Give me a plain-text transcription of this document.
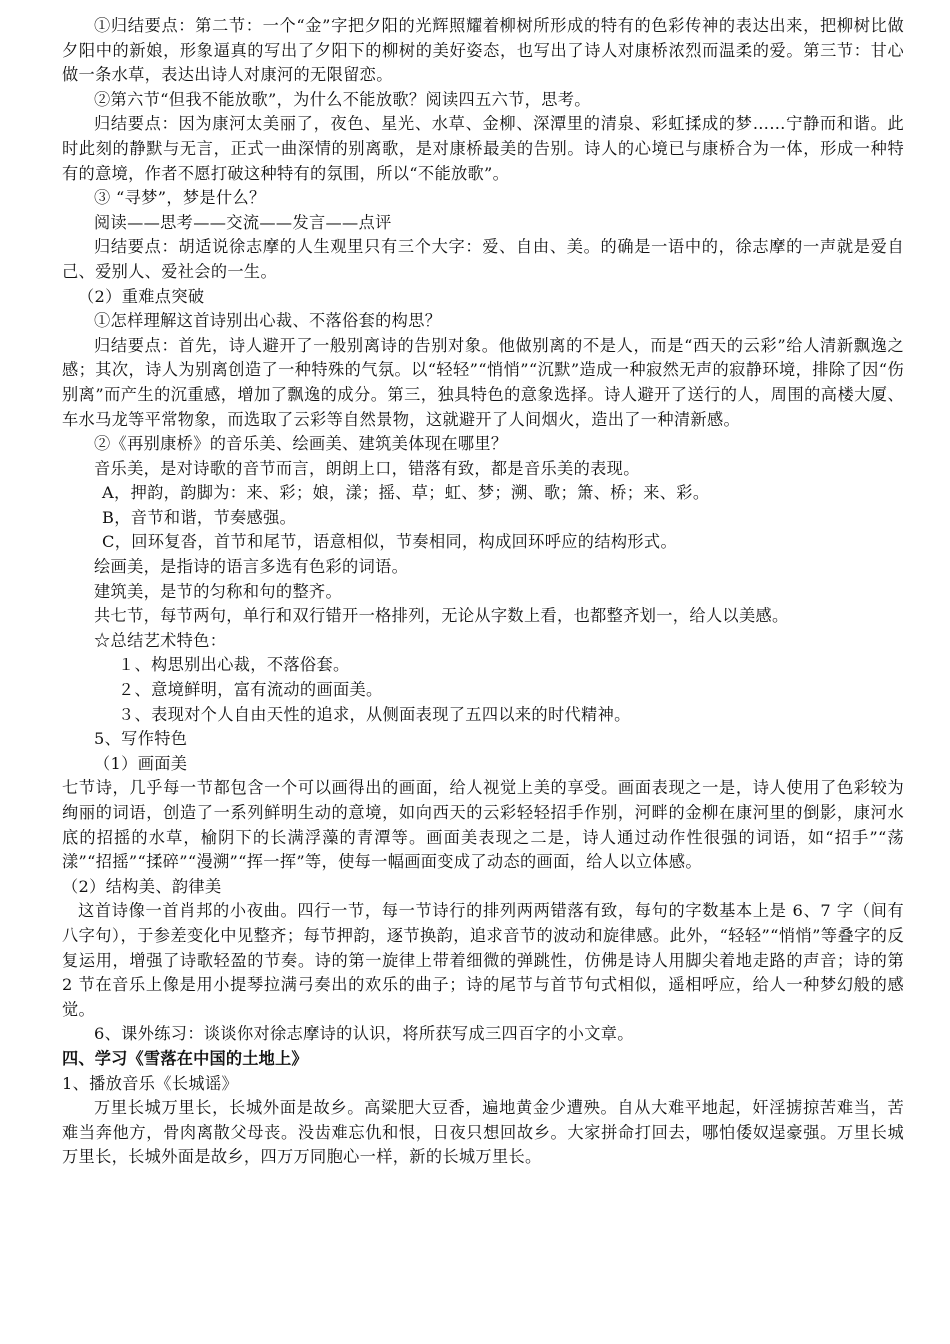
①归结要点：第二节：一个“金”字把夕阳的光辉照耀着柳树所形成的特有的色彩传神的表达出来，把柳树比做夕阳中的新娘，形象逼真的写出了夕阳下的柳树的美好姿态，也写出了诗人对康桥浓烈而温柔的爱。第三节：甘心做一条水草，表达出诗人对康河的无限留恋。

②第六节“但我不能放歌”，为什么不能放歌？阅读四五六节，思考。

归结要点：因为康河太美丽了，夜色、星光、水草、金柳、深潭里的清泉、彩虹揉成的梦……宁静而和谐。此时此刻的静默与无言，正式一曲深情的别离歌，是对康桥最美的告别。诗人的心境已与康桥合为一体，形成一种特有的意境，作者不愿打破这种特有的氛围，所以“不能放歌”。

③ “寻梦”，梦是什么？

阅读——思考——交流——发言——点评

归结要点：胡适说徐志摩的人生观里只有三个大字：爱、自由、美。的确是一语中的，徐志摩的一声就是爱自己、爱别人、爱社会的一生。

（2）重难点突破

①怎样理解这首诗别出心裁、不落俗套的构思？

归结要点：首先，诗人避开了一般别离诗的告别对象。他做别离的不是人，而是“西天的云彩”给人清新飘逸之感；其次，诗人为别离创造了一种特殊的气氛。以“轻轻”“悄悄”“沉默”造成一种寂然无声的寂静环境，排除了因“伤别离”而产生的沉重感，增加了飘逸的成分。第三，独具特色的意象选择。诗人避开了送行的人，周围的高楼大厦、车水马龙等平常物象，而选取了云彩等自然景物，这就避开了人间烟火，造出了一种清新感。

②《再别康桥》的音乐美、绘画美、建筑美体现在哪里？

音乐美，是对诗歌的音节而言，朗朗上口，错落有致，都是音乐美的表现。

A，押韵，韵脚为：来、彩；娘，漾；摇、草；虹、梦；溯、歌；箫、桥；来、彩。

B，音节和谐，节奏感强。

C，回环复沓，首节和尾节，语意相似，节奏相同，构成回环呼应的结构形式。

绘画美，是指诗的语言多选有色彩的词语。

建筑美，是节的匀称和句的整齐。

共七节，每节两句，单行和双行错开一格排列，无论从字数上看，也都整齐划一，给人以美感。

☆总结艺术特色：

１、构思别出心裁，不落俗套。

２、意境鲜明，富有流动的画面美。

３、表现对个人自由天性的追求，从侧面表现了五四以来的时代精神。

5、写作特色

（1）画面美

七节诗，几乎每一节都包含一个可以画得出的画面，给人视觉上美的享受。画面表现之一是，诗人使用了色彩较为绚丽的词语，创造了一系列鲜明生动的意境，如向西天的云彩轻轻招手作别，河畔的金柳在康河里的倒影，康河水底的招摇的水草，榆阴下的长满浮藻的青潭等。画面美表现之二是，诗人通过动作性很强的词语，如“招手”“荡漾”“招摇”“揉碎”“漫溯”“挥一挥”等，使每一幅画面变成了动态的画面，给人以立体感。

（2）结构美、韵律美

这首诗像一首肖邦的小夜曲。四行一节，每一节诗行的排列两两错落有致，每句的字数基本上是 6、7 字（间有八字句），于参差变化中见整齐；每节押韵，逐节换韵，追求音节的波动和旋律感。此外，“轻轻”“悄悄”等叠字的反复运用，增强了诗歌轻盈的节奏。诗的第一旋律上带着细微的弹跳性，仿佛是诗人用脚尖着地走路的声音；诗的第 2 节在音乐上像是用小提琴拉满弓奏出的欢乐的曲子；诗的尾节与首节句式相似，遥相呼应，给人一种梦幻般的感觉。

6、课外练习：谈谈你对徐志摩诗的认识，将所获写成三四百字的小文章。

四、学习《雪落在中国的土地上》

1、播放音乐《长城谣》

万里长城万里长，长城外面是故乡。高粱肥大豆香，遍地黄金少遭殃。自从大难平地起，奸淫掳掠苦难当，苦难当奔他方，骨肉离散父母丧。没齿难忘仇和恨，日夜只想回故乡。大家拼命打回去，哪怕倭奴逞豪强。万里长城万里长，长城外面是故乡，四万万同胞心一样，新的长城万里长。
